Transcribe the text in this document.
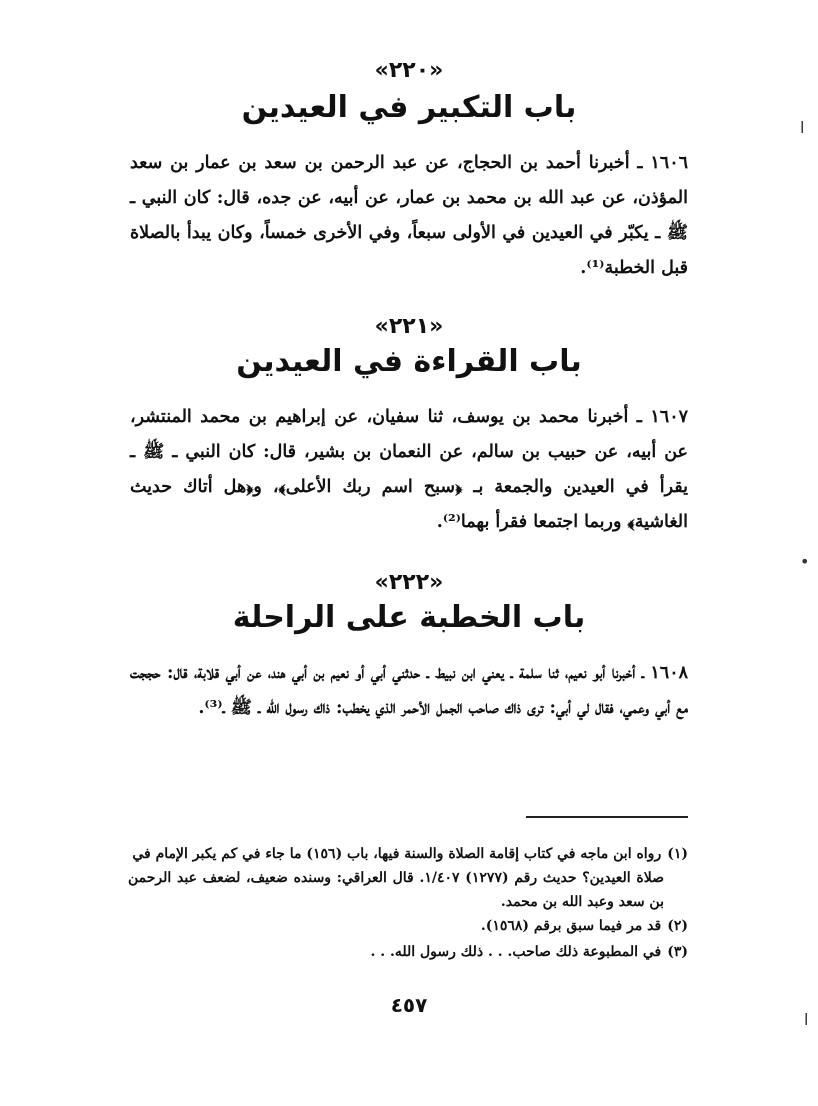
«٢٢٠»
باب التكبير في العيدين
١٦٠٦ ـ أخبرنا أحمد بن الحجاج، عن عبد الرحمن بن سعد بن عمار بن سعد المؤذن، عن عبد الله بن محمد بن عمار، عن أبيه، عن جده، قال: كان النبي ـ ﷺ ـ يكبّر في العيدين في الأولى سبعاً، وفي الأخرى خمساً، وكان يبدأ بالصلاة قبل الخطبة⁽¹⁾.
«٢٢١»
باب القراءة في العيدين
١٦٠٧ ـ أخبرنا محمد بن يوسف، ثنا سفيان، عن إبراهيم بن محمد المنتشر، عن أبيه، عن حبيب بن سالم، عن النعمان بن بشير، قال: كان النبي ـ ﷺ ـ يقرأ في العيدين والجمعة بـ ﴿سبح اسم ربك الأعلى﴾، و﴿هل أتاك حديث الغاشية﴾ وربما اجتمعا فقرأ بهما⁽²⁾.
«٢٢٢»
باب الخطبة على الراحلة
١٦٠٨ ـ أخبرنا أبو نعيم، ثنا سلمة ـ يعني ابن نبيط ـ حدثني أبي أو نعيم بن أبي هند، عن أبي قلابة، قال: حججت مع أبي وعمي، فقال لي أبي: ترى ذاك صاحب الجمل الأحمر الذي يخطب: ذاك رسول الله ـ ﷺ ـ⁽³⁾.
(١)رواه ابن ماجه في كتاب إقامة الصلاة والسنة فيها، باب (١٥٦) ما جاء في كم يكبر الإمام في
صلاة العيدين؟ حديث رقم (١٢٧٧) ١/٤٠٧. قال العراقي: وسنده ضعيف، لضعف عبد الرحمن بن سعد وعبد الله بن محمد.
(٢)قد مر فيما سبق برقم (١٥٦٨).
(٣)في المطبوعة ذلك صاحب. . . ذلك رسول الله. . .
٤٥٧
ا
•
ا
